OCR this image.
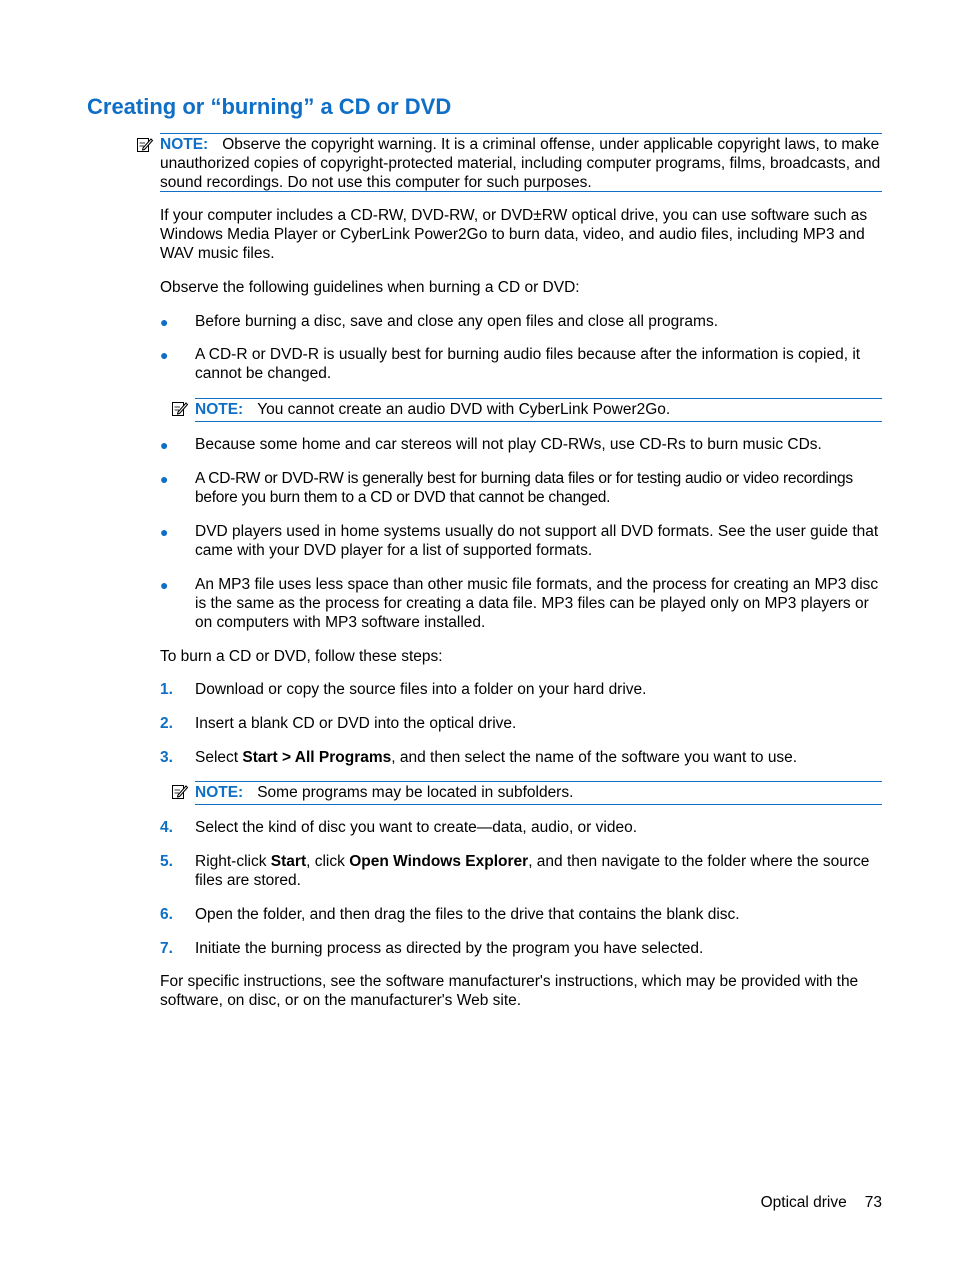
Creating or “burning” a CD or DVD

NOTE: Observe the copyright warning. It is a criminal offense, under applicable copyright laws, to make unauthorized copies of copyright-protected material, including computer programs, films, broadcasts, and sound recordings. Do not use this computer for such purposes.

If your computer includes a CD-RW, DVD-RW, or DVD±RW optical drive, you can use software such as Windows Media Player or CyberLink Power2Go to burn data, video, and audio files, including MP3 and WAV music files.

Observe the following guidelines when burning a CD or DVD:

● Before burning a disc, save and close any open files and close all programs.

● A CD-R or DVD-R is usually best for burning audio files because after the information is copied, it cannot be changed.

NOTE: You cannot create an audio DVD with CyberLink Power2Go.

● Because some home and car stereos will not play CD-RWs, use CD-Rs to burn music CDs.

● A CD-RW or DVD-RW is generally best for burning data files or for testing audio or video recordings before you burn them to a CD or DVD that cannot be changed.

● DVD players used in home systems usually do not support all DVD formats. See the user guide that came with your DVD player for a list of supported formats.

● An MP3 file uses less space than other music file formats, and the process for creating an MP3 disc is the same as the process for creating a data file. MP3 files can be played only on MP3 players or on computers with MP3 software installed.

To burn a CD or DVD, follow these steps:

1. Download or copy the source files into a folder on your hard drive.

2. Insert a blank CD or DVD into the optical drive.

3. Select Start > All Programs, and then select the name of the software you want to use.

NOTE: Some programs may be located in subfolders.

4. Select the kind of disc you want to create—data, audio, or video.

5. Right-click Start, click Open Windows Explorer, and then navigate to the folder where the source files are stored.

6. Open the folder, and then drag the files to the drive that contains the blank disc.

7. Initiate the burning process as directed by the program you have selected.

For specific instructions, see the software manufacturer's instructions, which may be provided with the software, on disc, or on the manufacturer's Web site.

Optical drive 73
